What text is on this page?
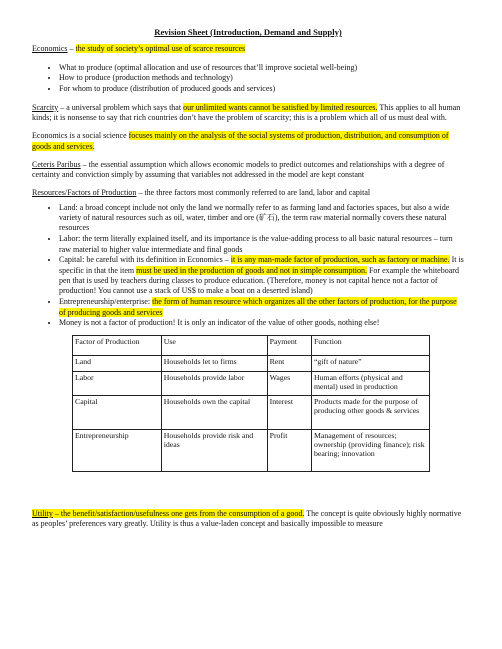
Revision Sheet (Introduction, Demand and Supply)

Economics – the study of society’s optimal use of scarce resources

• What to produce (optimal allocation and use of resources that’ll improve societal well-being)
• How to produce (production methods and technology)
• For whom to produce (distribution of produced goods and services)

Scarcity – a universal problem which says that our unlimited wants cannot be satisfied by limited resources. This applies to all human kinds; it is nonsense to say that rich countries don’t have the problem of scarcity; this is a problem which all of us must deal with.

Economics is a social science focuses mainly on the analysis of the social systems of production, distribution, and consumption of goods and services.

Ceteris Paribus – the essential assumption which allows economic models to predict outcomes and relationships with a degree of certainty and conviction simply by assuming that variables not addressed in the model are kept constant

Resources/Factors of Production – the three factors most commonly referred to are land, labor and capital

• Land: a broad concept include not only the land we normally refer to as farming land and factories spaces, but also a wide variety of natural resources such as oil, water, timber and ore (矿石), the term raw material normally covers these natural resources
• Labor: the term literally explained itself, and its importance is the value-adding process to all basic natural resources – turn raw material to higher value intermediate and final goods
• Capital: be careful with its definition in Economics – it is any man-made factor of production, such as factory or machine. It is specific in that the item must be used in the production of goods and not in simple consumption. For example the whiteboard pen that is used by teachers during classes to produce education. (Therefore, money is not capital hence not a factor of production! You cannot use a stack of US$ to make a boat on a deserted island)
• Entrepreneurship/enterprise: the form of human resource which organizes all the other factors of production, for the purpose of producing goods and services
• Money is not a factor of production! It is only an indicator of the value of other goods, nothing else!
Factor of Production	Use	Payment	Function
Land	Households let to firms	Rent	“gift of nature”
Labor	Households provide labor	Wages	Human efforts (physical and mental) used in production
Capital	Households own the capital	Interest	Products made for the purpose of producing other goods & services
Entrepreneurship	Households provide risk and ideas	Profit	Management of resources; ownership (providing finance); risk bearing; innovation

Utility – the benefit/satisfaction/usefulness one gets from the consumption of a good. The concept is quite obviously highly normative as peoples’ preferences vary greatly. Utility is thus a value-laden concept and basically impossible to measure
